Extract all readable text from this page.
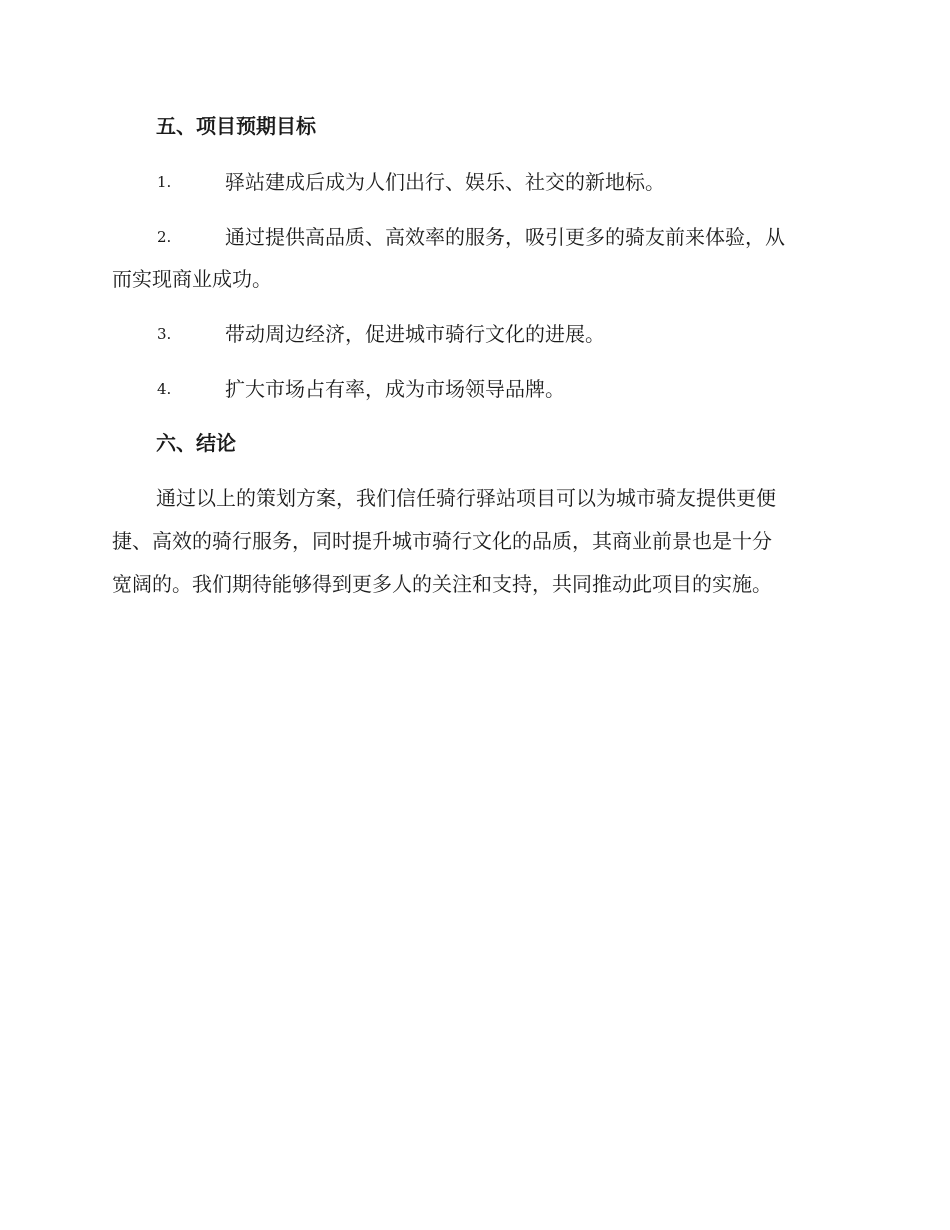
五、项目预期目标
1.	驿站建成后成为人们出行、娱乐、社交的新地标。
2.	通过提供高品质、高效率的服务，吸引更多的骑友前来体验，从
而实现商业成功。
3.	带动周边经济，促进城市骑行文化的进展。
4.	扩大市场占有率，成为市场领导品牌。
六、结论
通过以上的策划方案，我们信任骑行驿站项目可以为城市骑友提供更便
捷、高效的骑行服务，同时提升城市骑行文化的品质，其商业前景也是十分
宽阔的。我们期待能够得到更多人的关注和支持，共同推动此项目的实施。
